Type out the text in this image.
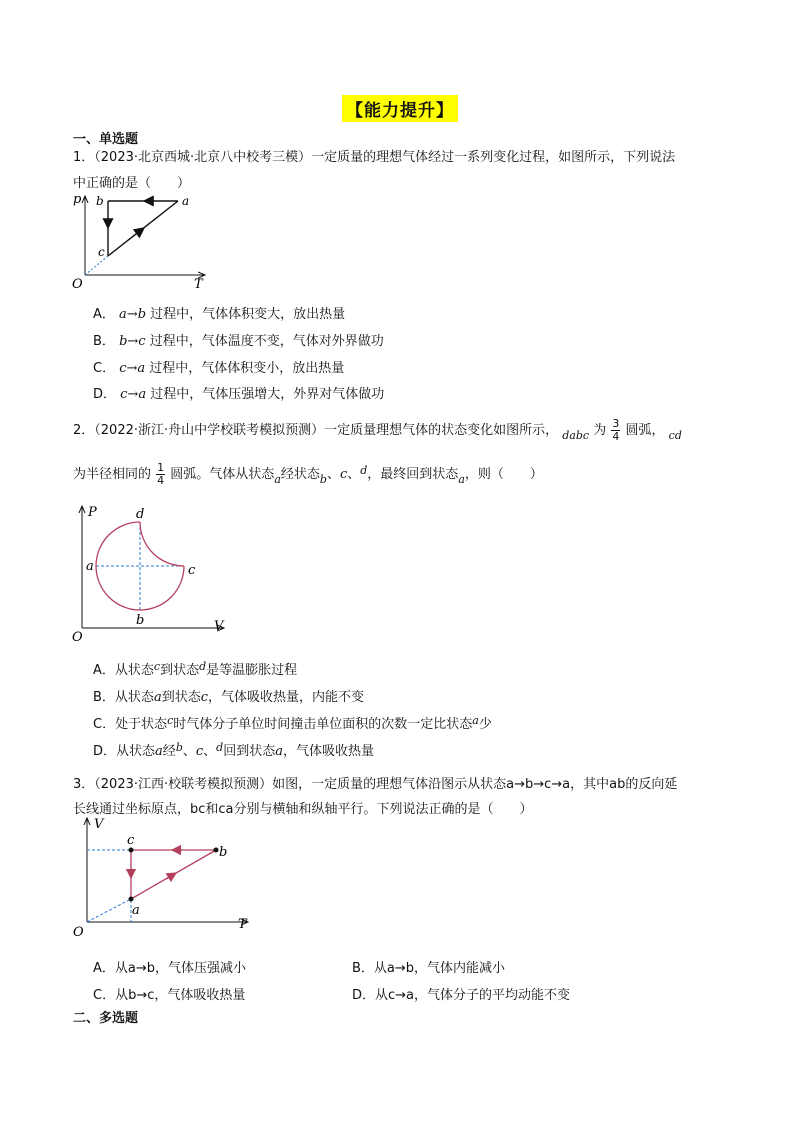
【能力提升】
一、单选题
1．（2023·北京西城·北京八中校考三模）一定质量的理想气体经过一系列变化过程，如图所示，下列说法
中正确的是（　　）
p
T
O
a
b
c
A． a→b 过程中，气体体积变大，放出热量
B． b→c 过程中，气体温度不变，气体对外界做功
C． c→a 过程中，气体体积变小，放出热量
D． c→a 过程中，气体压强增大，外界对气体做功
2．（2022·浙江·舟山中学校联考模拟预测）一定质量理想气体的状态变化如图所示， $_{dabc}$ 为 $\frac{3}{4}$ 圆弧， $_{cd}$
为半径相同的 $\frac{1}{4}$ 圆弧。气体从状态$_a$经状态$_b$、c、$^d$，最终回到状态$_a$，则（　　）
P
V
O
a
b
c
d
A．从状态$^c$到状态$^d$是等温膨胀过程
B．从状态a到状态c，气体吸收热量，内能不变
C．处于状态$^c$时气体分子单位时间撞击单位面积的次数一定比状态$^a$少
D．从状态a经$^b$、c、$^d$回到状态a，气体吸收热量
3．（2023·江西·校联考模拟预测）如图，一定质量的理想气体沿图示从状态a→b→c→a，其中ab的反向延
长线通过坐标原点，bc和ca分别与横轴和纵轴平行。下列说法正确的是（　　）
V
T
O
a
b
c
A．从a→b，气体压强减小	B．从a→b，气体内能减小
C．从b→c，气体吸收热量	D．从c→a，气体分子的平均动能不变
二、多选题
